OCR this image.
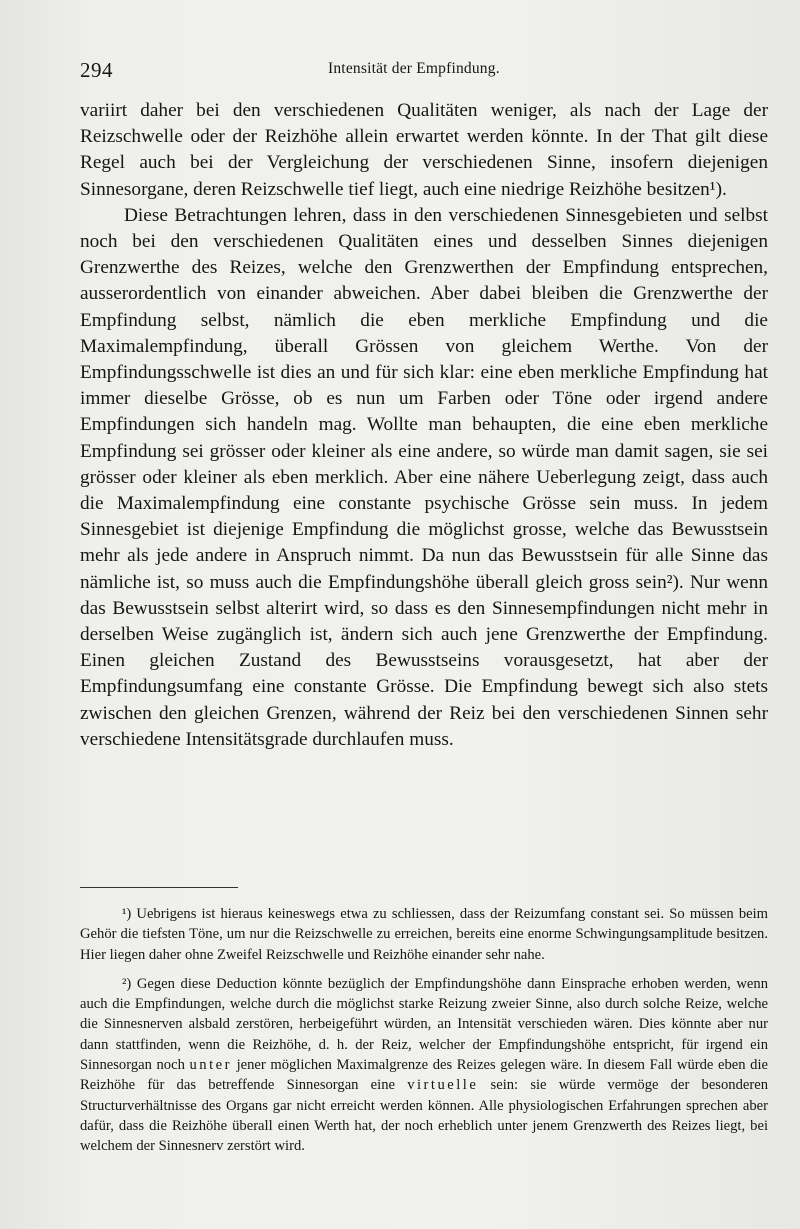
294	Intensität der Empfindung.

variirt daher bei den verschiedenen Qualitäten weniger, als nach der Lage der Reizschwelle oder der Reizhöhe allein erwartet werden könnte. In der That gilt diese Regel auch bei der Vergleichung der verschiedenen Sinne, insofern diejenigen Sinnesorgane, deren Reizschwelle tief liegt, auch eine niedrige Reizhöhe besitzen¹).

Diese Betrachtungen lehren, dass in den verschiedenen Sinnesgebieten und selbst noch bei den verschiedenen Qualitäten eines und desselben Sinnes diejenigen Grenzwerthe des Reizes, welche den Grenzwerthen der Empfindung entsprechen, ausserordentlich von einander abweichen. Aber dabei bleiben die Grenzwerthe der Empfindung selbst, nämlich die eben merkliche Empfindung und die Maximalempfindung, überall Grössen von gleichem Werthe. Von der Empfindungsschwelle ist dies an und für sich klar: eine eben merkliche Empfindung hat immer dieselbe Grösse, ob es nun um Farben oder Töne oder irgend andere Empfindungen sich handeln mag. Wollte man behaupten, die eine eben merkliche Empfindung sei grösser oder kleiner als eine andere, so würde man damit sagen, sie sei grösser oder kleiner als eben merklich. Aber eine nähere Ueberlegung zeigt, dass auch die Maximalempfindung eine constante psychische Grösse sein muss. In jedem Sinnesgebiet ist diejenige Empfindung die möglichst grosse, welche das Bewusstsein mehr als jede andere in Anspruch nimmt. Da nun das Bewusstsein für alle Sinne das nämliche ist, so muss auch die Empfindungshöhe überall gleich gross sein²). Nur wenn das Bewusstsein selbst alterirt wird, so dass es den Sinnesempfindungen nicht mehr in derselben Weise zugänglich ist, ändern sich auch jene Grenzwerthe der Empfindung. Einen gleichen Zustand des Bewusstseins vorausgesetzt, hat aber der Empfindungsumfang eine constante Grösse. Die Empfindung bewegt sich also stets zwischen den gleichen Grenzen, während der Reiz bei den verschiedenen Sinnen sehr verschiedene Intensitätsgrade durchlaufen muss.

¹) Uebrigens ist hieraus keineswegs etwa zu schliessen, dass der Reizumfang constant sei. So müssen beim Gehör die tiefsten Töne, um nur die Reizschwelle zu erreichen, bereits eine enorme Schwingungsamplitude besitzen. Hier liegen daher ohne Zweifel Reizschwelle und Reizhöhe einander sehr nahe.

²) Gegen diese Deduction könnte bezüglich der Empfindungshöhe dann Einsprache erhoben werden, wenn auch die Empfindungen, welche durch die möglichst starke Reizung zweier Sinne, also durch solche Reize, welche die Sinnesnerven alsbald zerstören, herbeigeführt würden, an Intensität verschieden wären. Dies könnte aber nur dann stattfinden, wenn die Reizhöhe, d. h. der Reiz, welcher der Empfindungshöhe entspricht, für irgend ein Sinnesorgan noch unter jener möglichen Maximalgrenze des Reizes gelegen wäre. In diesem Fall würde eben die Reizhöhe für das betreffende Sinnesorgan eine virtuelle sein: sie würde vermöge der besonderen Structurverhältnisse des Organs gar nicht erreicht werden können. Alle physiologischen Erfahrungen sprechen aber dafür, dass die Reizhöhe überall einen Werth hat, der noch erheblich unter jenem Grenzwerth des Reizes liegt, bei welchem der Sinnesnerv zerstört wird.
